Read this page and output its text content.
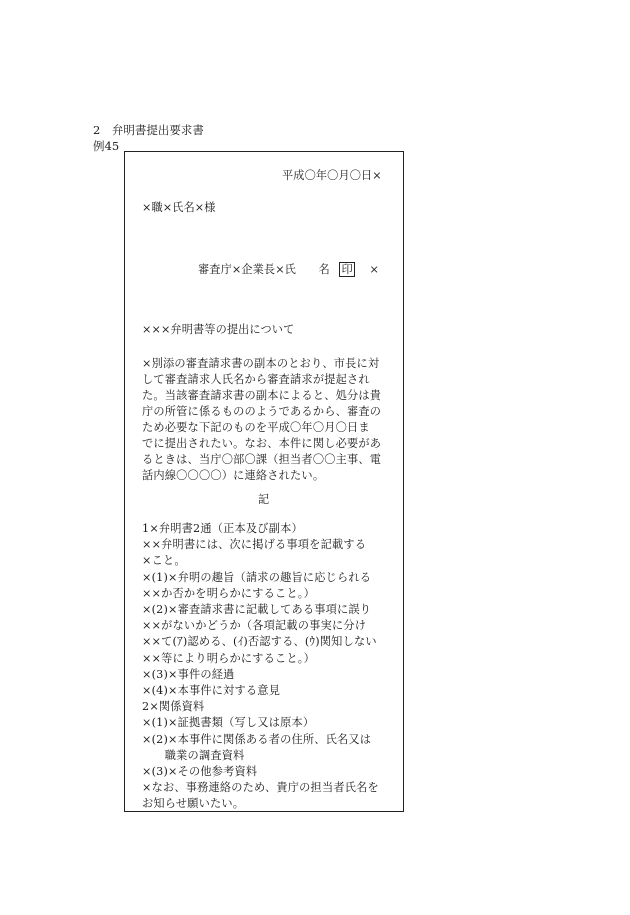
2　弁明書提出要求書
例45
平成〇年〇月〇日×
×職×氏名×様
審査庁×企業長×氏　　名 印 ×
×××弁明書等の提出について
×別添の審査請求書の副本のとおり、市長に対
して審査請求人氏名から審査請求が提起され
た。当該審査請求書の副本によると、処分は貴
庁の所管に係るもののようであるから、審査の
ため必要な下記のものを平成〇年〇月〇日ま
でに提出されたい。なお、本件に関し必要があ
るときは、当庁〇部〇課（担当者〇〇主事、電
話内線〇〇〇〇）に連絡されたい。
記
1×弁明書2通（正本及び副本）
××弁明書には、次に掲げる事項を記載する
×こと。
×(1)×弁明の趣旨（請求の趣旨に応じられる
××か否かを明らかにすること。）
×(2)×審査請求書に記載してある事項に誤り
××がないかどうか（各項記載の事実に分け
××て(ｱ)認める、(ｲ)否認する、(ｳ)関知しない
××等により明らかにすること。）
×(3)×事件の経過
×(4)×本事件に対する意見
2×関係資料
×(1)×証拠書類（写し又は原本）
×(2)×本事件に関係ある者の住所、氏名又は
　　職業の調査資料
×(3)×その他参考資料
×なお、事務連絡のため、貴庁の担当者氏名を
お知らせ願いたい。
